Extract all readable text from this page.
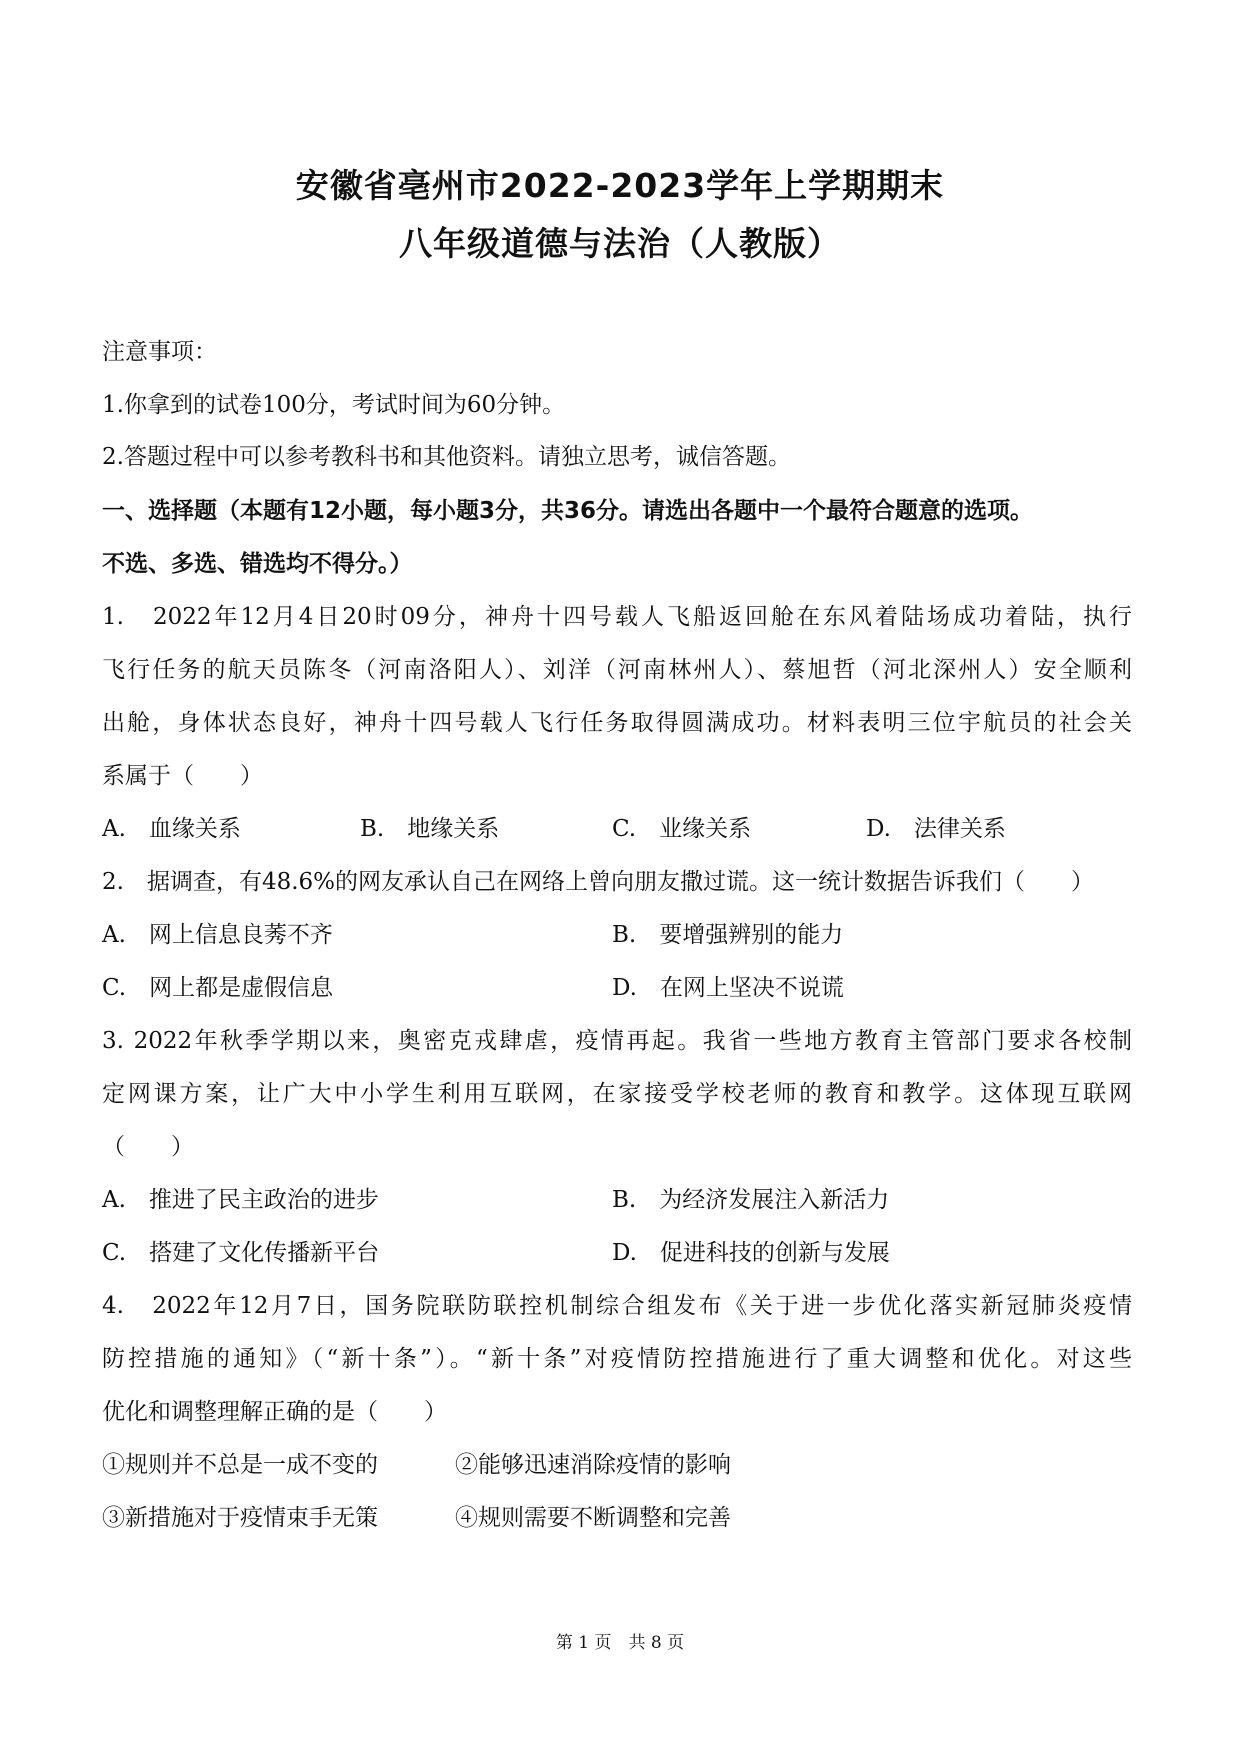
安徽省亳州市2022-2023学年上学期期末
八年级道德与法治（人教版）

注意事项：

1.你拿到的试卷100分，考试时间为60分钟。

2.答题过程中可以参考教科书和其他资料。请独立思考，诚信答题。

一、选择题（本题有12小题，每小题3分，共36分。请选出各题中一个最符合题意的选项。

不选、多选、错选均不得分。）

1.　2022年12月4日20时09分，神舟十四号载人飞船返回舱在东风着陆场成功着陆，执行

飞行任务的航天员陈冬（河南洛阳人）、刘洋（河南林州人）、蔡旭哲（河北深州人）安全顺利

出舱，身体状态良好，神舟十四号载人飞行任务取得圆满成功。材料表明三位宇航员的社会关

系属于（　　）

A.　血缘关系	B.　地缘关系	C.　业缘关系	D.　法律关系

2.　据调查，有48.6%的网友承认自己在网络上曾向朋友撒过谎。这一统计数据告诉我们（　　）

A.　网上信息良莠不齐	B.　要增强辨别的能力

C.　网上都是虚假信息	D.　在网上坚决不说谎

3. 2022年秋季学期以来，奥密克戎肆虐，疫情再起。我省一些地方教育主管部门要求各校制

定网课方案，让广大中小学生利用互联网，在家接受学校老师的教育和教学。这体现互联网

（　　）

A.　推进了民主政治的进步	B.　为经济发展注入新活力

C.　搭建了文化传播新平台	D.　促进科技的创新与发展

4.　2022年12月7日，国务院联防联控机制综合组发布《关于进一步优化落实新冠肺炎疫情

防控措施的通知》（“新十条”）。“新十条”对疫情防控措施进行了重大调整和优化。对这些

优化和调整理解正确的是（　　）

①规则并不总是一成不变的	②能够迅速消除疫情的影响

③新措施对于疫情束手无策	④规则需要不断调整和完善

第 1 页　共 8 页
